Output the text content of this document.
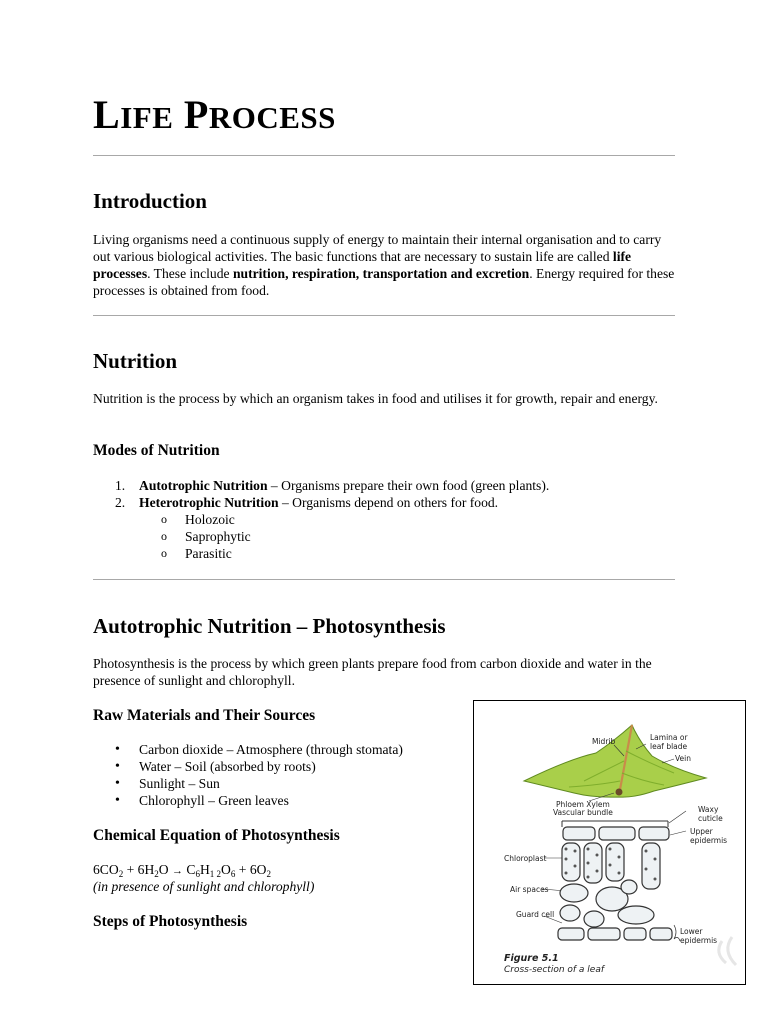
LIFE PROCESS
Introduction

Living organisms need a continuous supply of energy to maintain their internal organisation and to carry out various biological activities. The basic functions that are necessary to sustain life are called life processes. These include nutrition, respiration, transportation and excretion. Energy required for these processes is obtained from food.

Nutrition

Nutrition is the process by which an organism takes in food and utilises it for growth, repair and energy.

Modes of Nutrition
1. Autotrophic Nutrition – Organisms prepare their own food (green plants).
2. Heterotrophic Nutrition – Organisms depend on others for food.
o Holozoic
o Saprophytic
o Parasitic
Autotrophic Nutrition – Photosynthesis

Photosynthesis is the process by which green plants prepare food from carbon dioxide and water in the presence of sunlight and chlorophyll.

Raw Materials and Their Sources
• Carbon dioxide – Atmosphere (through stomata)
• Water – Soil (absorbed by roots)
• Sunlight – Sun
• Chlorophyll – Green leaves
Chemical Equation of Photosynthesis
$6CO_2 + 6H_2O \to C_6H_{1 2}O_6 + 6O_2$
(in presence of sunlight and chlorophyll)
Steps of Photosynthesis
Midrib	Lamina or
leaf blade
Vein
Phloem Xylem
Vascular bundle	Waxy
cuticle
Upper
epidermis
Chloroplast
Air spaces
Guard cell
Lower
epidermis
Figure 5.1
Cross-section of a leaf
